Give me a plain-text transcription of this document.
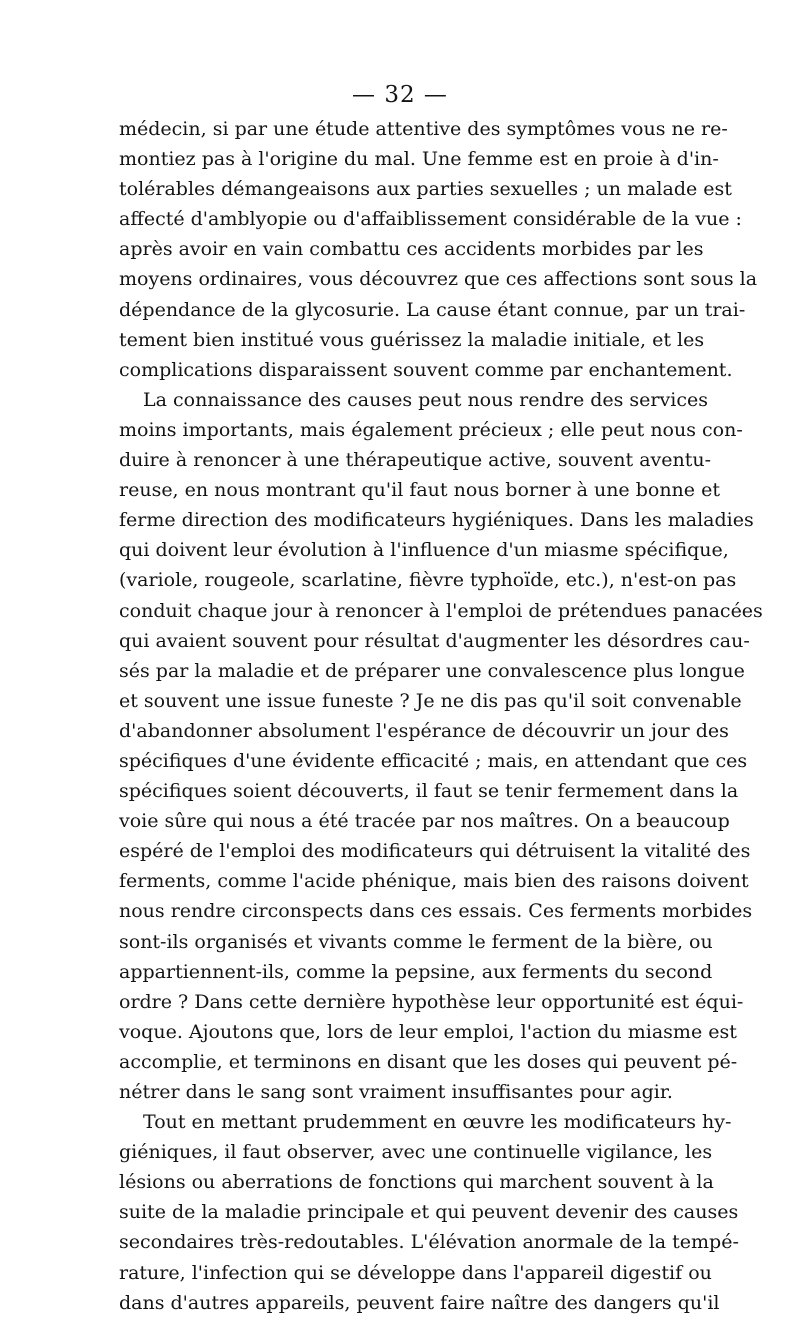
— 32 —
médecin, si par une étude attentive des symptômes vous ne re-
montiez pas à l'origine du mal. Une femme est en proie à d'in-
tolérables démangeaisons aux parties sexuelles ; un malade est
affecté d'amblyopie ou d'affaiblissement considérable de la vue :
après avoir en vain combattu ces accidents morbides par les
moyens ordinaires, vous découvrez que ces affections sont sous la
dépendance de la glycosurie. La cause étant connue, par un trai-
tement bien institué vous guérissez la maladie initiale, et les
complications disparaissent souvent comme par enchantement.
La connaissance des causes peut nous rendre des services
moins importants, mais également précieux ; elle peut nous con-
duire à renoncer à une thérapeutique active, souvent aventu-
reuse, en nous montrant qu'il faut nous borner à une bonne et
ferme direction des modificateurs hygiéniques. Dans les maladies
qui doivent leur évolution à l'influence d'un miasme spécifique,
(variole, rougeole, scarlatine, fièvre typhoïde, etc.), n'est-on pas
conduit chaque jour à renoncer à l'emploi de prétendues panacées
qui avaient souvent pour résultat d'augmenter les désordres cau-
sés par la maladie et de préparer une convalescence plus longue
et souvent une issue funeste ? Je ne dis pas qu'il soit convenable
d'abandonner absolument l'espérance de découvrir un jour des
spécifiques d'une évidente efficacité ; mais, en attendant que ces
spécifiques soient découverts, il faut se tenir fermement dans la
voie sûre qui nous a été tracée par nos maîtres. On a beaucoup
espéré de l'emploi des modificateurs qui détruisent la vitalité des
ferments, comme l'acide phénique, mais bien des raisons doivent
nous rendre circonspects dans ces essais. Ces ferments morbides
sont-ils organisés et vivants comme le ferment de la bière, ou
appartiennent-ils, comme la pepsine, aux ferments du second
ordre ? Dans cette dernière hypothèse leur opportunité est équi-
voque. Ajoutons que, lors de leur emploi, l'action du miasme est
accomplie, et terminons en disant que les doses qui peuvent pé-
nétrer dans le sang sont vraiment insuffisantes pour agir.
Tout en mettant prudemment en œuvre les modificateurs hy-
giéniques, il faut observer, avec une continuelle vigilance, les
lésions ou aberrations de fonctions qui marchent souvent à la
suite de la maladie principale et qui peuvent devenir des causes
secondaires très-redoutables. L'élévation anormale de la tempé-
rature, l'infection qui se développe dans l'appareil digestif ou
dans d'autres appareils, peuvent faire naître des dangers qu'il
